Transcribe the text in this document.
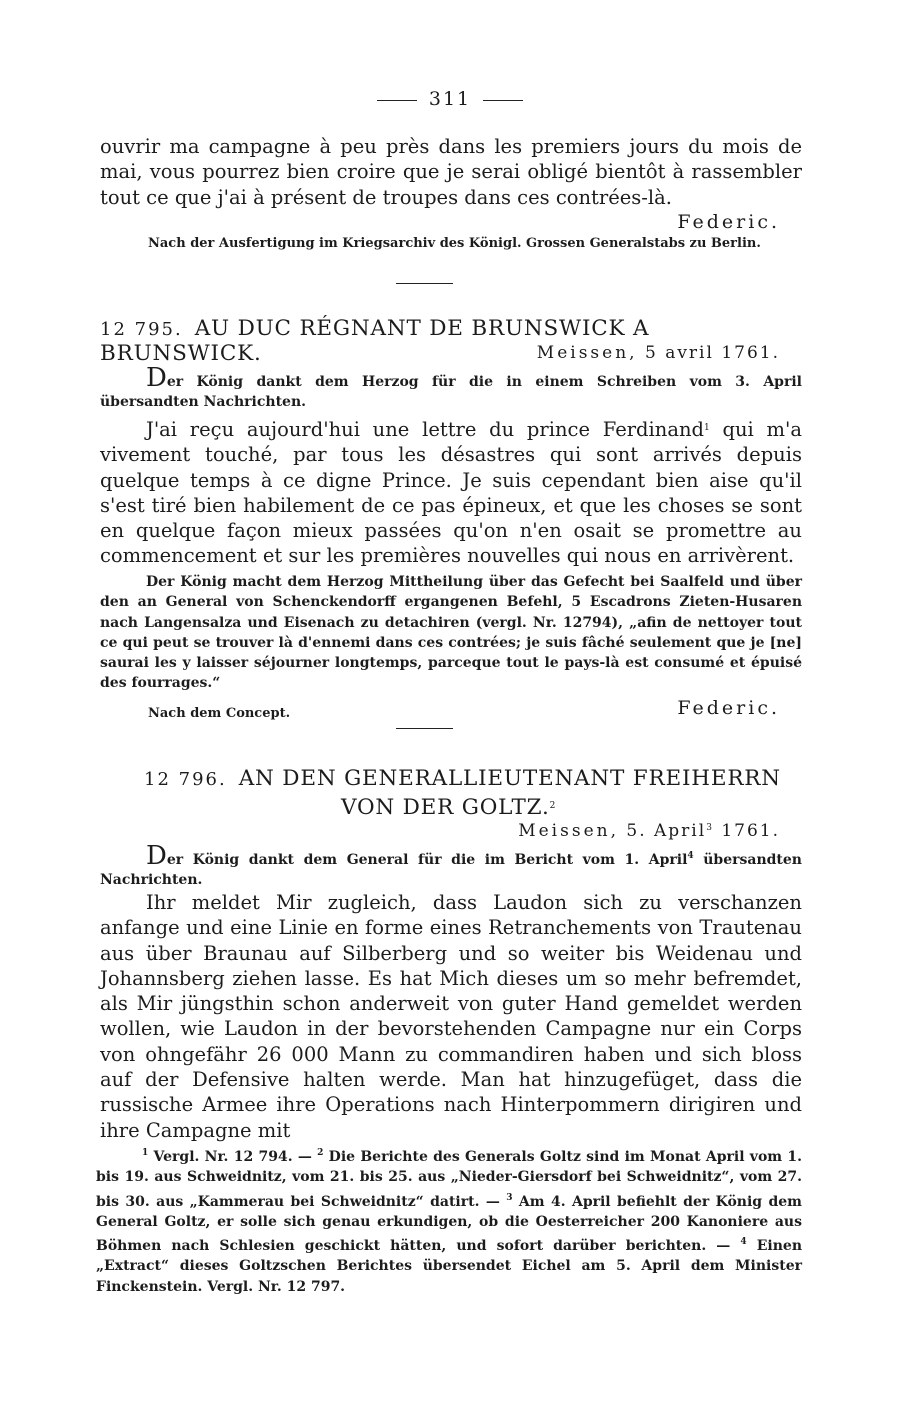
311

ouvrir ma campagne à peu près dans les premiers jours du mois de mai, vous pourrez bien croire que je serai obligé bientôt à rassembler tout ce que j'ai à présent de troupes dans ces contrées-là.

Federic.
Nach der Ausfertigung im Kriegsarchiv des Königl. Grossen Generalstabs zu Berlin.
12 795. AU DUC RÉGNANT DE BRUNSWICK A BRUNSWICK.	Meissen, 5 avril 1761.
Der König dankt dem Herzog für die in einem Schreiben vom 3. April übersandten Nachrichten.

J'ai reçu aujourd'hui une lettre du prince Ferdinand$^1$ qui m'a vivement touché, par tous les désastres qui sont arrivés depuis quelque temps à ce digne Prince. Je suis cependant bien aise qu'il s'est tiré bien habilement de ce pas épineux, et que les choses se sont en quelque façon mieux passées qu'on n'en osait se promettre au commencement et sur les premières nouvelles qui nous en arrivèrent.

Der König macht dem Herzog Mittheilung über das Gefecht bei Saalfeld und über den an General von Schenckendorff ergangenen Befehl, 5 Escadrons Zieten-Husaren nach Langensalza und Eisenach zu detachiren (vergl. Nr. 12794), „afin de nettoyer tout ce qui peut se trouver là d'ennemi dans ces contrées; je suis fâché seulement que je [ne] saurai les y laisser séjourner longtemps, parceque tout le pays-là est consumé et épuisé des fourrages.“
Nach dem Concept.	Federic.
12 796. AN DEN GENERALLIEUTENANT FREIHERRN
VON DER GOLTZ.$^2$
Meissen, 5. April$^3$ 1761.
Der König dankt dem General für die im Bericht vom 1. April$^4$ übersandten Nachrichten.

Ihr meldet Mir zugleich, dass Laudon sich zu verschanzen anfange und eine Linie en forme eines Retranchements von Trautenau aus über Braunau auf Silberberg und so weiter bis Weidenau und Johannsberg ziehen lasse. Es hat Mich dieses um so mehr befremdet, als Mir jüngsthin schon anderweit von guter Hand gemeldet werden wollen, wie Laudon in der bevorstehenden Campagne nur ein Corps von ohngefähr 26 000 Mann zu commandiren haben und sich bloss auf der Defensive halten werde. Man hat hinzugefüget, dass die russische Armee ihre Operations nach Hinterpommern dirigiren und ihre Campagne mit

$^1$ Vergl. Nr. 12 794. — $^2$ Die Berichte des Generals Goltz sind im Monat April vom 1. bis 19. aus Schweidnitz, vom 21. bis 25. aus „Nieder-Giersdorf bei Schweidnitz“, vom 27. bis 30. aus „Kammerau bei Schweidnitz“ datirt. — $^3$ Am 4. April befiehlt der König dem General Goltz, er solle sich genau erkundigen, ob die Oesterreicher 200 Kanoniere aus Böhmen nach Schlesien geschickt hätten, und sofort darüber berichten. — $^4$ Einen „Extract“ dieses Goltzschen Berichtes übersendet Eichel am 5. April dem Minister Finckenstein. Vergl. Nr. 12 797.
